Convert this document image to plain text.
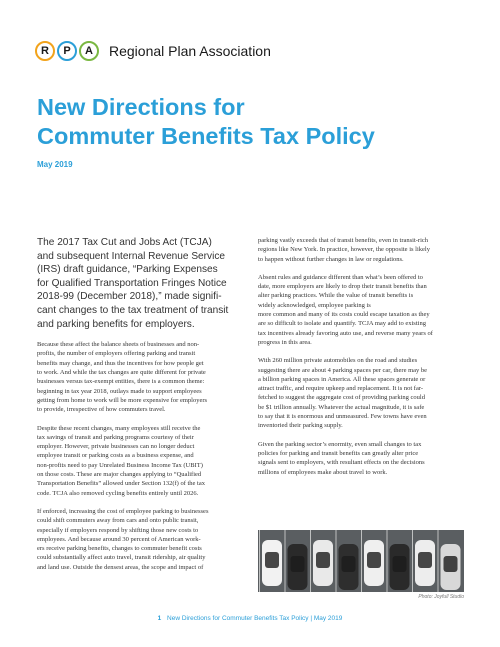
R	P	A	Regional Plan Association
New Directions for
Commuter Benefits Tax Policy
May 2019
The 2017 Tax Cut and Jobs Act (TCJA)
and subsequent Internal Revenue Service
(IRS) draft guidance, “Parking Expenses
for Qualified Transportation Fringes Notice
2018-99 (December 2018),” made signifi-
cant changes to the tax treatment of transit
and parking benefits for employers.
Because these affect the balance sheets of businesses and non-
profits, the number of employers offering parking and transit
benefits may change, and thus the incentives for how people get
to work. And while the tax changes are quite different for private
businesses versus tax-exempt entities, there is a common theme:
beginning in tax year 2018, outlays made to support employees
getting from home to work will be more expensive for employers
to provide, irrespective of how commuters travel.
Despite these recent changes, many employees still receive the
tax savings of transit and parking programs courtesy of their
employer. However, private businesses can no longer deduct
employee transit or parking costs as a business expense, and
non-profits need to pay Unrelated Business Income Tax (UBIT)
on those costs. These are major changes applying to “Qualified
Transportation Benefits” allowed under Section 132(f) of the tax
code. TCJA also removed cycling benefits entirely until 2026.
If enforced, increasing the cost of employee parking to businesses
could shift commuters away from cars and onto public transit,
especially if employers respond by shifting those new costs to
employees. And because around 30 percent of American work-
ers receive parking benefits, changes to commuter benefit costs
could substantially affect auto travel, transit ridership, air quality
and land use. Outside the densest areas, the scope and impact of
parking vastly exceeds that of transit benefits, even in transit-rich
regions like New York. In practice, however, the opposite is likely
to happen without further changes in law or regulations.
Absent rules and guidance different than what’s been offered to
date, more employers are likely to drop their transit benefits than
alter parking practices. While the value of transit benefits is
widely acknowledged, employee parking is
more common and many of its costs could escape taxation as they
are so difficult to isolate and quantify. TCJA may add to existing
tax incentives already favoring auto use, and reverse many years of
progress in this area.
With 260 million private automobiles on the road and studies
suggesting there are about 4 parking spaces per car, there may be
a billion parking spaces in America. All these spaces generate or
attract traffic, and require upkeep and replacement. It is not far-
fetched to suggest the aggregate cost of providing parking could
be $1 trillion annually. Whatever the actual magnitude, it is safe
to say that it is enormous and unmeasured. Few towns have even
inventoried their parking supply.
Given the parking sector’s enormity, even small changes to tax
policies for parking and transit benefits can greatly alter price
signals sent to employers, with resultant effects on the decisions
millions of employees make about travel to work.
Photo: Joyfull Studio
1 New Directions for Commuter Benefits Tax Policy | May 2019
